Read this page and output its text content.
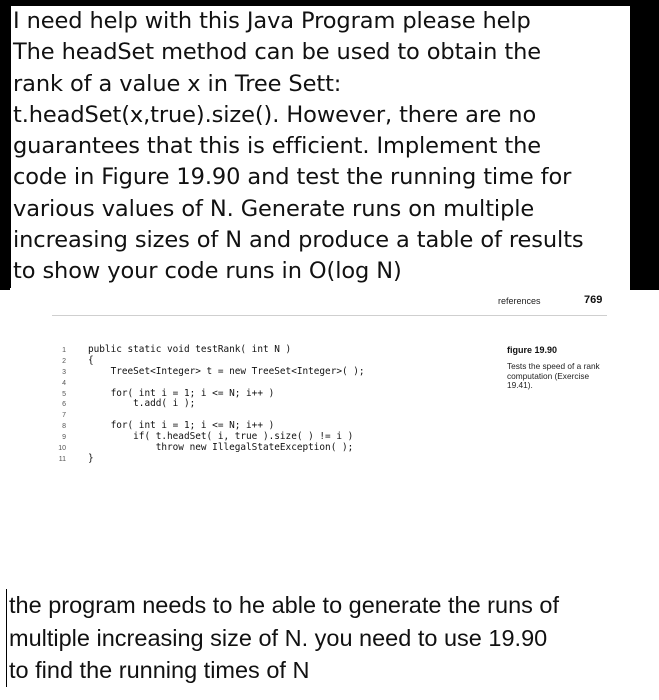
I need help with this Java Program please help
The headSet method can be used to obtain the
rank of a value x in Tree Sett:
t.headSet(x,true).size(). However, there are no
guarantees that this is efficient. Implement the
code in Figure 19.90 and test the running time for
various values of N. Generate runs on multiple
increasing sizes of N and produce a table of results
to show your code runs in O(log N)
references	769
1 public static void testRank( int N )
2 {
3    TreeSet<Integer> t = new TreeSet<Integer>( );
4
5    for( int i = 1; i <= N; i++ )
6        t.add( i );
7
8    for( int i = 1; i <= N; i++ )
9        if( t.headSet( i, true ).size( ) != i )
10            throw new IllegalStateException( );
11 }
figure 19.90
Tests the speed of a rank computation (Exercise 19.41).
the program needs to he able to generate the runs of
multiple increasing size of N. you need to use 19.90
to find the running times of N
